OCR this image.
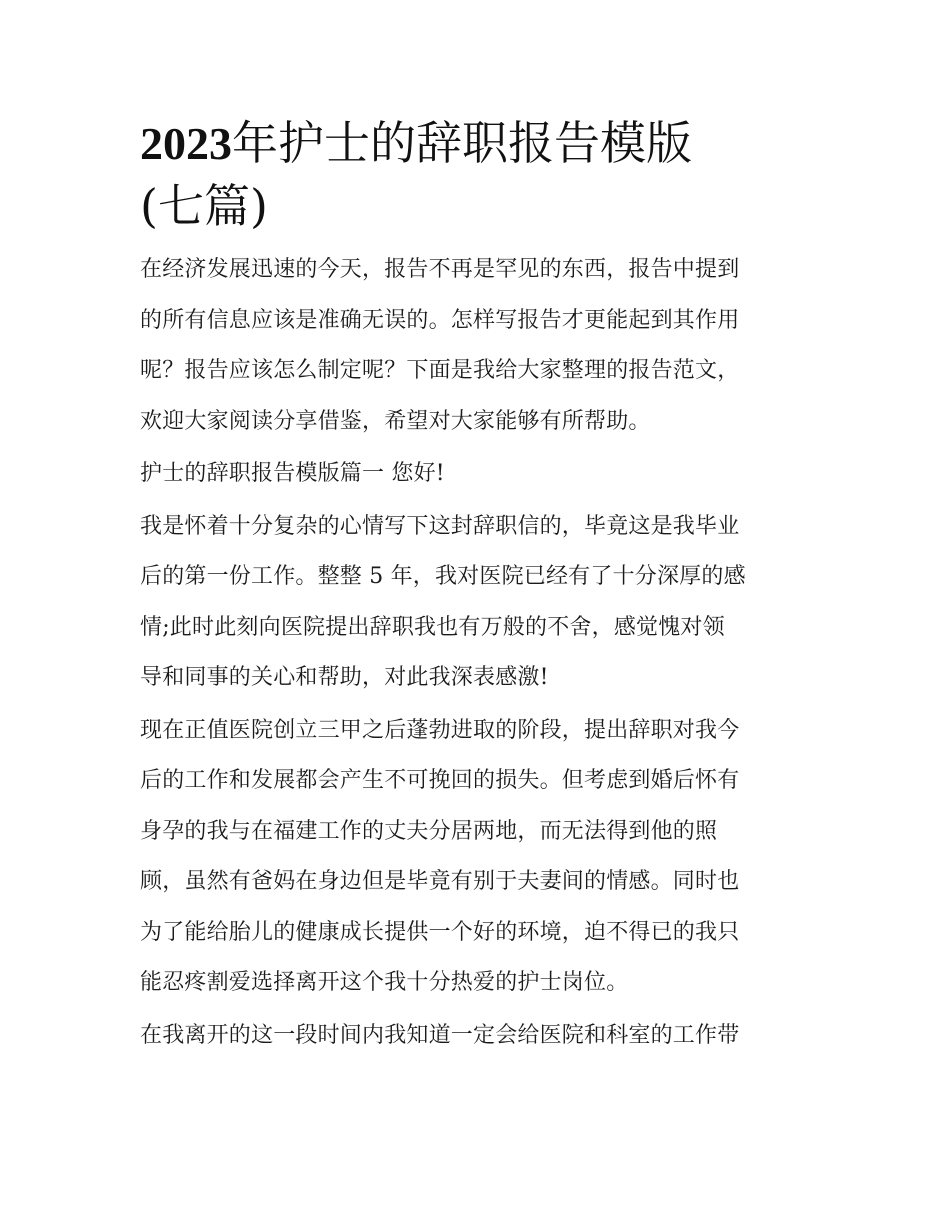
2023年护士的辞职报告模版
(七篇)

在经济发展迅速的今天，报告不再是罕见的东西，报告中提到
的所有信息应该是准确无误的。怎样写报告才更能起到其作用
呢？报告应该怎么制定呢？下面是我给大家整理的报告范文，
欢迎大家阅读分享借鉴，希望对大家能够有所帮助。

护士的辞职报告模版篇一 您好!

我是怀着十分复杂的心情写下这封辞职信的，毕竟这是我毕业
后的第一份工作。整整 5 年，我对医院已经有了十分深厚的感
情;此时此刻向医院提出辞职我也有万般的不舍，感觉愧对领
导和同事的关心和帮助，对此我深表感激!

现在正值医院创立三甲之后蓬勃进取的阶段，提出辞职对我今
后的工作和发展都会产生不可挽回的损失。但考虑到婚后怀有
身孕的我与在福建工作的丈夫分居两地，而无法得到他的照
顾，虽然有爸妈在身边但是毕竟有别于夫妻间的情感。同时也
为了能给胎儿的健康成长提供一个好的环境，迫不得已的我只
能忍疼割爱选择离开这个我十分热爱的护士岗位。

在我离开的这一段时间内我知道一定会给医院和科室的工作带
